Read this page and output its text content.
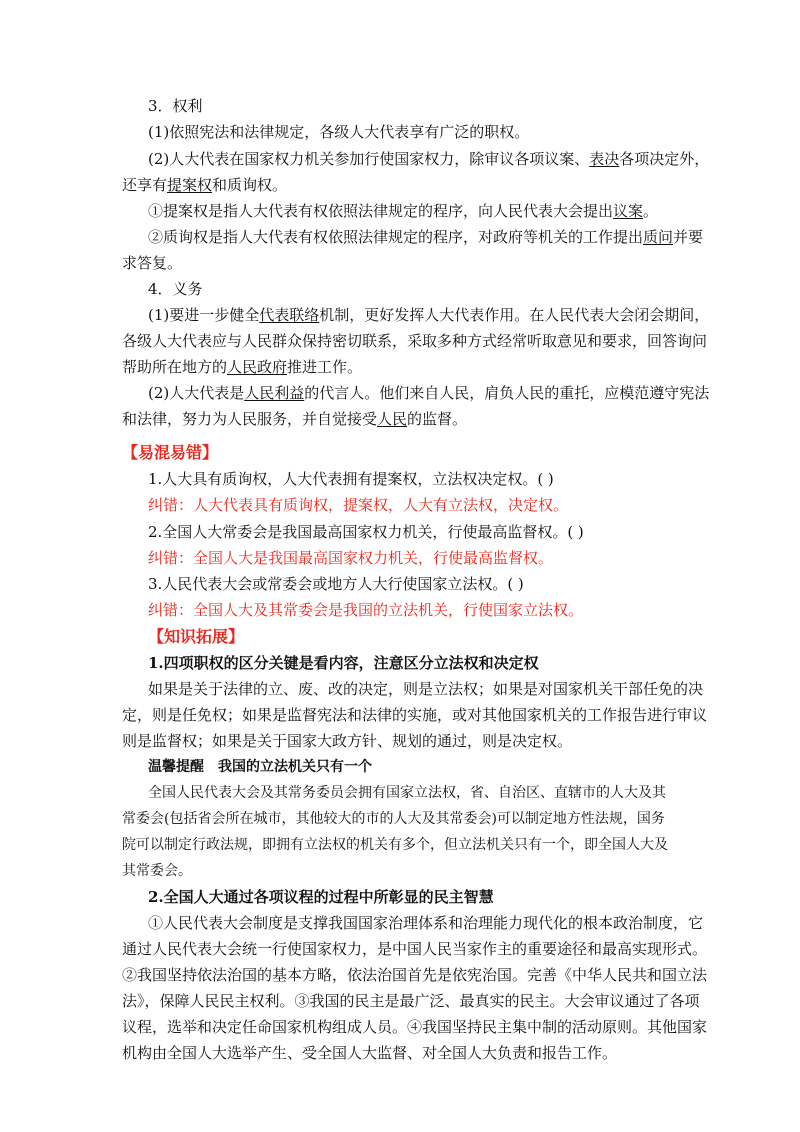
3．权利
(1)依照宪法和法律规定，各级人大代表享有广泛的职权。
(2)人大代表在国家权力机关参加行使国家权力，除审议各项议案、表决各项决定外，
还享有提案权和质询权。
①提案权是指人大代表有权依照法律规定的程序，向人民代表大会提出议案。
②质询权是指人大代表有权依照法律规定的程序，对政府等机关的工作提出质问并要
求答复。
4．义务
(1)要进一步健全代表联络机制，更好发挥人大代表作用。在人民代表大会闭会期间，
各级人大代表应与人民群众保持密切联系，采取多种方式经常听取意见和要求，回答询问
帮助所在地方的人民政府推进工作。
(2)人大代表是人民利益的代言人。他们来自人民，肩负人民的重托，应模范遵守宪法
和法律，努力为人民服务，并自觉接受人民的监督。
【易混易错】
1.人大具有质询权，人大代表拥有提案权，立法权决定权。( )
纠错：人大代表具有质询权，提案权，人大有立法权，决定权。
2.全国人大常委会是我国最高国家权力机关，行使最高监督权。( )
纠错：全国人大是我国最高国家权力机关，行使最高监督权。
3.人民代表大会或常委会或地方人大行使国家立法权。( )
纠错：全国人大及其常委会是我国的立法机关，行使国家立法权。
【知识拓展】
1.四项职权的区分关键是看内容，注意区分立法权和决定权
如果是关于法律的立、废、改的决定，则是立法权；如果是对国家机关干部任免的决
定，则是任免权；如果是监督宪法和法律的实施，或对其他国家机关的工作报告进行审议
则是监督权；如果是关于国家大政方针、规划的通过，则是决定权。
温馨提醒　我国的立法机关只有一个
全国人民代表大会及其常务委员会拥有国家立法权，省、自治区、直辖市的人大及其
常委会(包括省会所在城市，其他较大的市的人大及其常委会)可以制定地方性法规，国务
院可以制定行政法规，即拥有立法权的机关有多个，但立法机关只有一个，即全国人大及
其常委会。
2.全国人大通过各项议程的过程中所彰显的民主智慧
①人民代表大会制度是支撑我国国家治理体系和治理能力现代化的根本政治制度，它
通过人民代表大会统一行使国家权力，是中国人民当家作主的重要途径和最高实现形式。
②我国坚持依法治国的基本方略，依法治国首先是依宪治国。完善《中华人民共和国立法
法》，保障人民民主权利。③我国的民主是最广泛、最真实的民主。大会审议通过了各项
议程，选举和决定任命国家机构组成人员。④我国坚持民主集中制的活动原则。其他国家
机构由全国人大选举产生、受全国人大监督、对全国人大负责和报告工作。
